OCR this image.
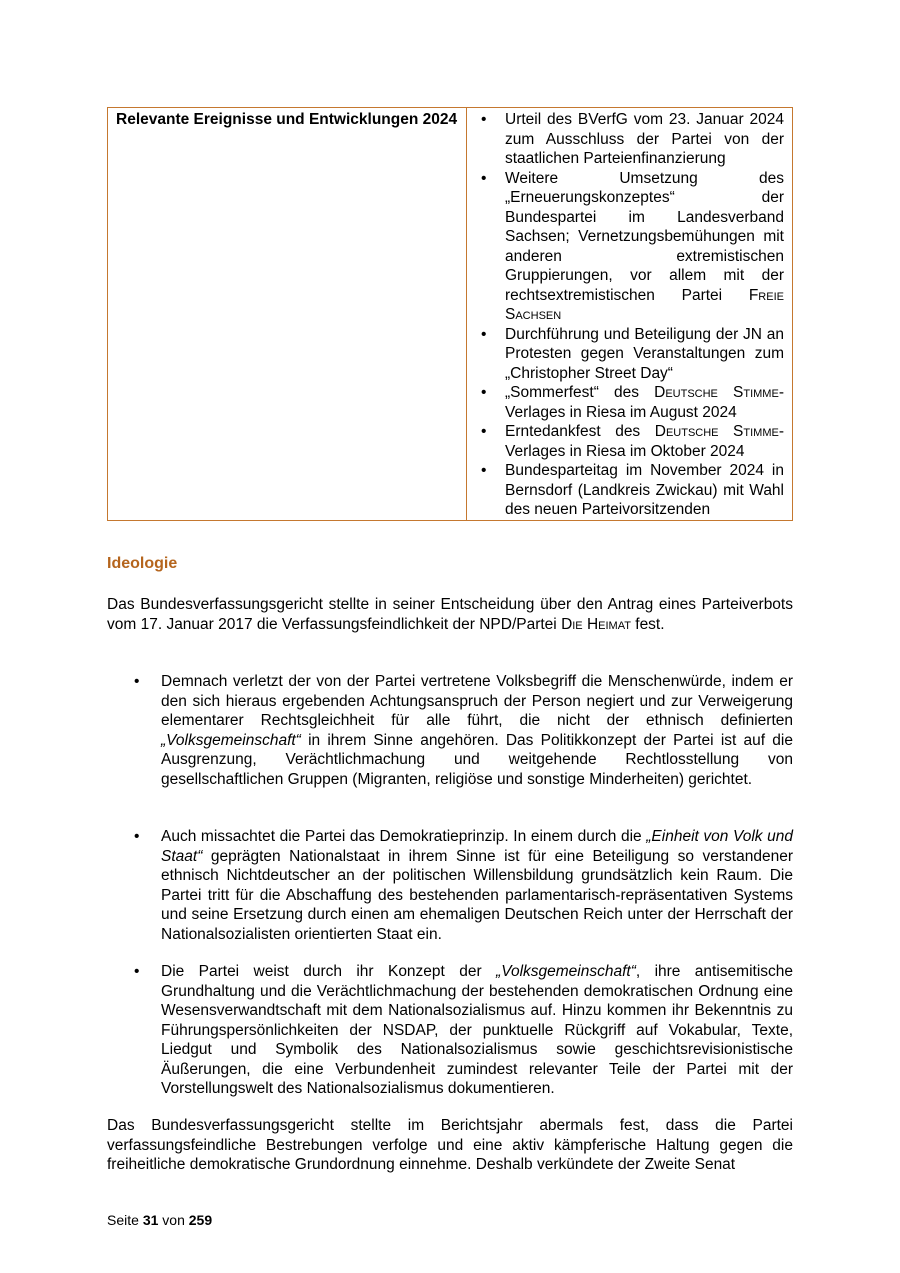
Relevante Ereignisse und Entwicklungen 2024	
•Urteil des BVerfG vom 23. Januar 2024 zum Ausschluss der Partei von der staatlichen Parteienfinanzierung
• Weitere Umsetzung des „Erneuerungskonzeptes“ der Bundespartei im Landesverband Sachsen; Vernetzungsbemühungen mit anderen extremistischen Gruppierungen, vor allem mit der rechtsextremistischen Partei Freie Sachsen
• Durchführung und Beteiligung der JN an Protesten gegen Veranstaltungen zum „Christopher Street Day“
• „Sommerfest“ des Deutsche Stimme-Verlages in Riesa im August 2024
• Erntedankfest des Deutsche Stimme-Verlages in Riesa im Oktober 2024
• Bundesparteitag im November 2024 in Bernsdorf (Landkreis Zwickau) mit Wahl des neuen Parteivorsitzenden
Ideologie

Das Bundesverfassungsgericht stellte in seiner Entscheidung über den Antrag eines Parteiverbots vom 17. Januar 2017 die Verfassungsfeindlichkeit der NPD/Partei Die Heimat fest.

• Demnach verletzt der von der Partei vertretene Volksbegriff die Menschenwürde, indem er den sich hieraus ergebenden Achtungsanspruch der Person negiert und zur Verweigerung elementarer Rechtsgleichheit für alle führt, die nicht der ethnisch definierten „Volksgemeinschaft“ in ihrem Sinne angehören. Das Politikkonzept der Partei ist auf die Ausgrenzung, Verächtlichmachung und weitgehende Rechtlosstellung von gesellschaftlichen Gruppen (Migranten, religiöse und sonstige Minderheiten) gerichtet.
• Auch missachtet die Partei das Demokratieprinzip. In einem durch die „Einheit von Volk und Staat“ geprägten Nationalstaat in ihrem Sinne ist für eine Beteiligung so verstandener ethnisch Nichtdeutscher an der politischen Willensbildung grundsätzlich kein Raum. Die Partei tritt für die Abschaffung des bestehenden parlamentarisch-repräsentativen Systems und seine Ersetzung durch einen am ehemaligen Deutschen Reich unter der Herrschaft der Nationalsozialisten orientierten Staat ein.
• Die Partei weist durch ihr Konzept der „Volksgemeinschaft“, ihre antisemitische Grundhaltung und die Verächtlichmachung der bestehenden demokratischen Ordnung eine Wesensverwandtschaft mit dem Nationalsozialismus auf. Hinzu kommen ihr Bekenntnis zu Führungspersönlichkeiten der NSDAP, der punktuelle Rückgriff auf Vokabular, Texte, Liedgut und Symbolik des Nationalsozialismus sowie geschichtsrevisionistische Äußerungen, die eine Verbundenheit zumindest relevanter Teile der Partei mit der Vorstellungswelt des Nationalsozialismus dokumentieren.

Das Bundesverfassungsgericht stellte im Berichtsjahr abermals fest, dass die Partei verfassungsfeindliche Bestrebungen verfolge und eine aktiv kämpferische Haltung gegen die freiheitliche demokratische Grundordnung einnehme. Deshalb verkündete der Zweite Senat

Seite 31 von 259
